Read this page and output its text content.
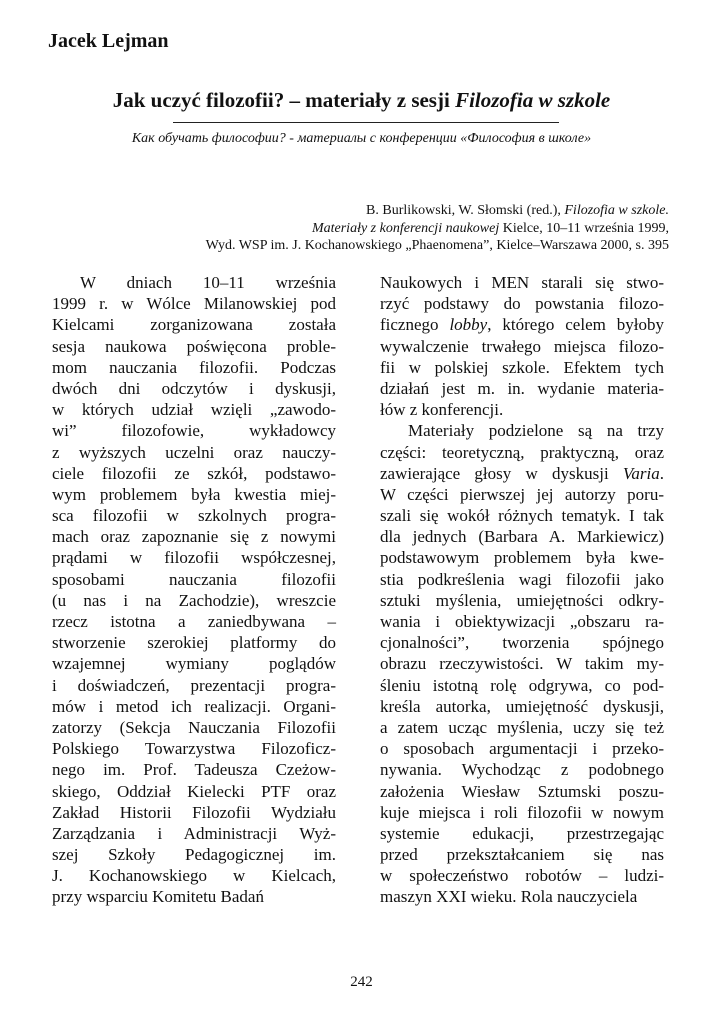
Jacek Lejman
Jak uczyć filozofii? – materiały z sesji Filozofia w szkole
Как обучать философии? - материалы с конференции «Философия в школе»
B. Burlikowski, W. Słomski (red.), Filozofia w szkole.
Materiały z konferencji naukowej Kielce, 10–11 września 1999,
Wyd. WSP im. J. Kochanowskiego „Phaenomena”, Kielce–Warszawa 2000, s. 395
W dniach 10–11 września
1999 r. w Wólce Milanowskiej pod
Kielcami zorganizowana została
sesja naukowa poświęcona proble-
mom nauczania filozofii. Podczas
dwóch dni odczytów i dyskusji,
w których udział wzięli „zawodo-
wi” filozofowie, wykładowcy
z wyższych uczelni oraz nauczy-
ciele filozofii ze szkół, podstawo-
wym problemem była kwestia miej-
sca filozofii w szkolnych progra-
mach oraz zapoznanie się z nowymi
prądami w filozofii współczesnej,
sposobami nauczania filozofii
(u nas i na Zachodzie), wreszcie
rzecz istotna a zaniedbywana –
stworzenie szerokiej platformy do
wzajemnej wymiany poglądów
i doświadczeń, prezentacji progra-
mów i metod ich realizacji. Organi-
zatorzy (Sekcja Nauczania Filozofii
Polskiego Towarzystwa Filozoficz-
nego im. Prof. Tadeusza Czeżow-
skiego, Oddział Kielecki PTF oraz
Zakład Historii Filozofii Wydziału
Zarządzania i Administracji Wyż-
szej Szkoły Pedagogicznej im.
J. Kochanowskiego w Kielcach,
przy wsparciu Komitetu Badań
Naukowych i MEN starali się stwo-
rzyć podstawy do powstania filozo-
ficznego lobby, którego celem byłoby
wywalczenie trwałego miejsca filozo-
fii w polskiej szkole. Efektem tych
działań jest m. in. wydanie materia-
łów z konferencji.
Materiały podzielone są na trzy
części: teoretyczną, praktyczną, oraz
zawierające głosy w dyskusji Varia.
W części pierwszej jej autorzy poru-
szali się wokół różnych tematyk. I tak
dla jednych (Barbara A. Markiewicz)
podstawowym problemem była kwe-
stia podkreślenia wagi filozofii jako
sztuki myślenia, umiejętności odkry-
wania i obiektywizacji „obszaru ra-
cjonalności”, tworzenia spójnego
obrazu rzeczywistości. W takim my-
śleniu istotną rolę odgrywa, co pod-
kreśla autorka, umiejętność dyskusji,
a zatem ucząc myślenia, uczy się też
o sposobach argumentacji i przeko-
nywania. Wychodząc z podobnego
założenia Wiesław Sztumski poszu-
kuje miejsca i roli filozofii w nowym
systemie edukacji, przestrzegając
przed przekształcaniem się nas
w społeczeństwo robotów – ludzi-
maszyn XXI wieku. Rola nauczyciela
242
